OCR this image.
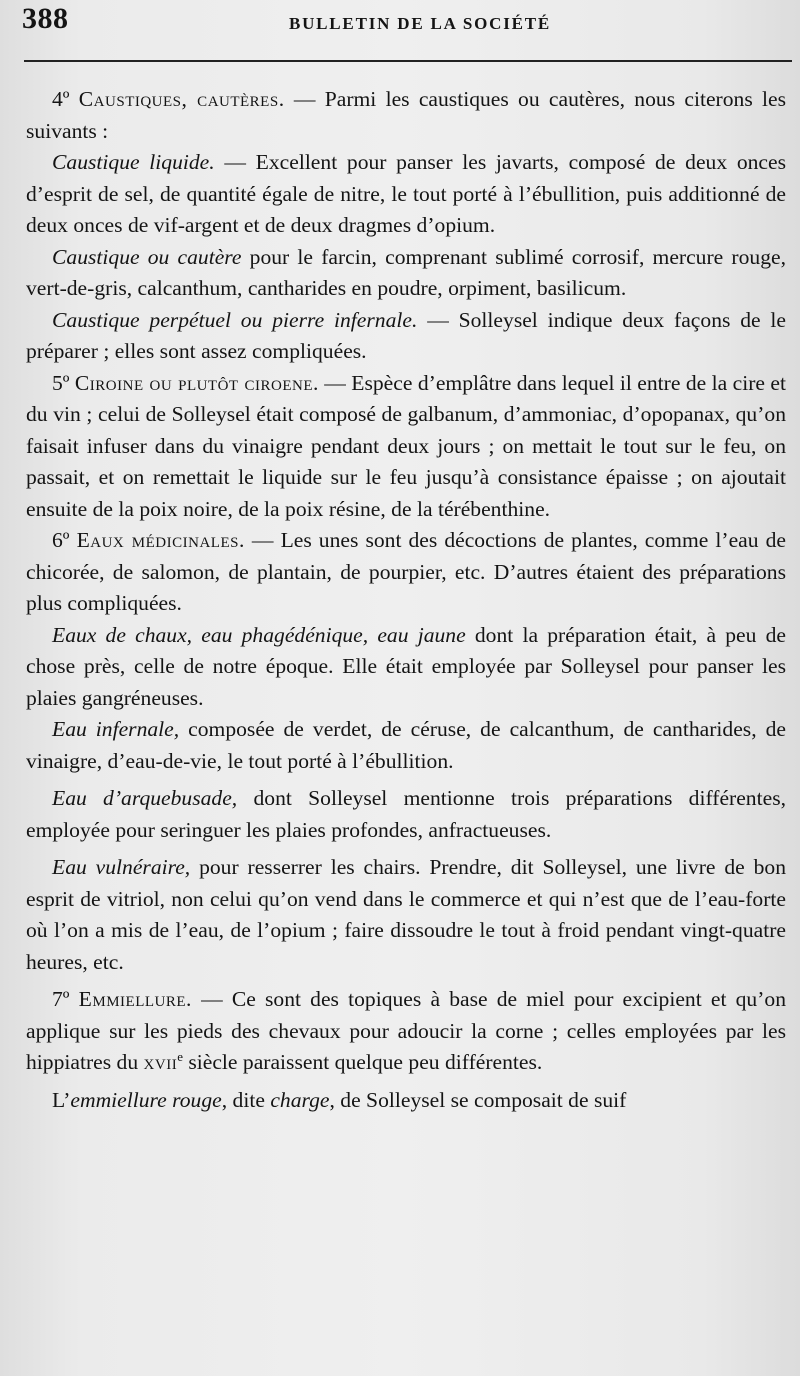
388	BULLETIN DE LA SOCIÉTÉ

4º Caustiques, cautères. — Parmi les caustiques ou cautères, nous citerons les suivants :

Caustique liquide. — Excellent pour panser les javarts, composé de deux onces d’esprit de sel, de quantité égale de nitre, le tout porté à l’ébullition, puis additionné de deux onces de vif-argent et de deux dragmes d’opium.

Caustique ou cautère pour le farcin, comprenant sublimé corrosif, mercure rouge, vert-de-gris, calcanthum, cantharides en poudre, orpiment, basilicum.

Caustique perpétuel ou pierre infernale. — Solleysel indique deux façons de le préparer ; elles sont assez compliquées.

5º Ciroine ou plutôt ciroene. — Espèce d’emplâtre dans lequel il entre de la cire et du vin ; celui de Solleysel était composé de galbanum, d’ammoniac, d’opopanax, qu’on faisait infuser dans du vinaigre pendant deux jours ; on mettait le tout sur le feu, on passait, et on remettait le liquide sur le feu jusqu’à consistance épaisse ; on ajoutait ensuite de la poix noire, de la poix résine, de la térébenthine.

6º Eaux médicinales. — Les unes sont des décoctions de plantes, comme l’eau de chicorée, de salomon, de plantain, de pourpier, etc. D’autres étaient des préparations plus compliquées.

Eaux de chaux, eau phagédénique, eau jaune dont la préparation était, à peu de chose près, celle de notre époque. Elle était employée par Solleysel pour panser les plaies gangréneuses.

Eau infernale, composée de verdet, de céruse, de calcanthum, de cantharides, de vinaigre, d’eau-de-vie, le tout porté à l’ébullition.

Eau d’arquebusade, dont Solleysel mentionne trois préparations différentes, employée pour seringuer les plaies profondes, anfractueuses.

Eau vulnéraire, pour resserrer les chairs. Prendre, dit Solleysel, une livre de bon esprit de vitriol, non celui qu’on vend dans le commerce et qui n’est que de l’eau-forte où l’on a mis de l’eau, de l’opium ; faire dissoudre le tout à froid pendant vingt-quatre heures, etc.

7º Emmiellure. — Ce sont des topiques à base de miel pour excipient et qu’on applique sur les pieds des chevaux pour adoucir la corne ; celles employées par les hippiatres du xvii$^e$ siècle paraissent quelque peu différentes.

L’emmiellure rouge, dite charge, de Solleysel se composait de suif
